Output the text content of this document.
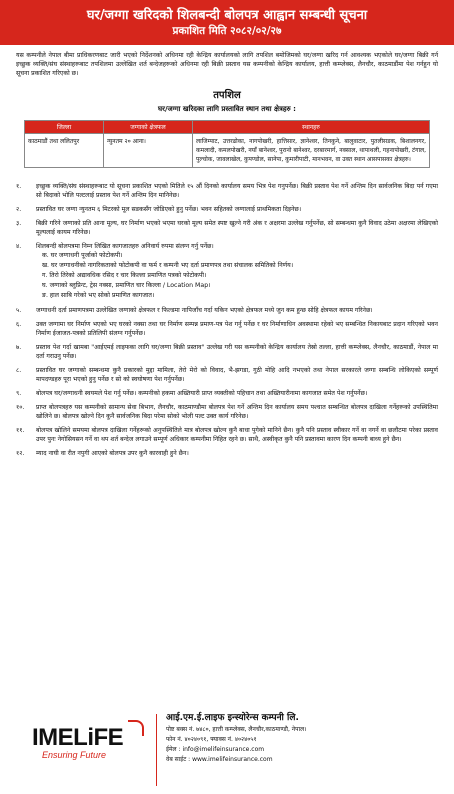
घर/जग्गा खरिदको शिलबन्दी बोलपत्र आह्वान सम्बन्धी सूचना
प्रकाशित मिति २०८२/०२/२७
यस कम्पनीले नेपाल बीमा प्राधिकरणबाट जारी भएको निर्देशनको अधिनमा रही केन्द्रिय कार्यालयको लागि तपशिल बमोजिमको घर/जग्गा खरिद गर्न आवश्यक भएकोले घर/जग्गा बिक्री गर्न इच्छुक व्यक्ति/संघ संस्थाहरूबाट तपशिलमा उल्लेखित शर्त बन्देजहरूको अधिनमा रही बिक्री प्रस्ताव यस कम्पनीको केन्द्रिय कार्यालय, हात्ती कम्प्लेक्स, लैनचौर, काठमाडौंमा पेश गर्नहुन यो सूचना प्रकाशित गरिएको छ।
तपशिल
घर/जग्गा खरिदका लागि प्रस्तावित स्थान तथा क्षेत्रहरु :
जिल्ला	जग्गाको क्षेत्रफल	स्थानहरु
काठमाडौं तथा ललितपुर	न्युनतम २० आना।	लाजिम्पाट, उत्तरढोका, नागपोखरी, हात्तिसार, ज्ञानेश्वर, तिनकुने, बालुवाटार, पुतलीसडक, बिशालनगर, कमलादी, कमलपोखरी, नयाँ बानेश्वर, पुरानो बानेश्वर, दरबारमार्ग, नक्साल, थापाथली, गहनापोखरी, टंगाल, पुल्चोक, जावलाखेल, कुपण्डोल, सानेपा, कुमारीपाटी, मानभवन, वा उक्त स्थान आसपासका क्षेत्रहरु।
१.	इच्छुक व्यक्ति/संघ संस्थाहरूबाट यो सूचना प्रकाशित भएको मितिले १५ औं दिनको कार्यालय समय भित्र पेश गनुपर्नेछ। बिक्री प्रस्ताव पेश गर्ने अन्तिम दिन सार्वजनिक बिदा पर्न गएमा सो बिदाको भोलि पल्टलाई प्रस्ताव पेश गर्ने अन्तिम दिन मानिनेछ।
२.	प्रस्तावित घर जग्गा न्युनतम ६ मिटरको मूल सडकसँग जोडिएको हुनु पर्नेछ। भवन सहितको जग्गालाई प्राथमिकता दिइनेछ।
३.	बिक्री गरिने जग्गाको प्रति आना मूल्य, घर निर्माण भएको भएमा घरको मूल्य समेत स्पष्ट खुल्ने गरी अंक र अक्षरमा उल्लेख गर्नुपर्नेछ, सो सम्बन्धमा कुनै विवाद उठेमा अक्षरमा लेखिएको मूल्यलाई कायम गरिनेछ।
४.	शिलबन्दी बोलपत्रमा निम्न लिखित कागजातहरु अनिवार्य रुपमा संलग्न गर्नु पर्नेछ।
क. घर जग्गाधनी पूर्जाको फोटोकपी।
ख. घर जग्गाधनीको नागरिकताको फोटोकपी वा फर्म र कम्पनी भए दर्ता प्रमाणपत्र तथा संचालक समितिको निर्णय।
ग. तिरो तिरेको अद्यावधिक रसिद र चार किल्ला प्रमाणित पत्रको फोटोकपी।
घ. जग्गाको ब्लुप्रिन्ट, ट्रेस नक्सा, प्रमाणित चार किल्ला / Location Map।
ङ. हाल साबि गरेको भए सोको प्रमाणित कागजात।
५.	जग्गाधनी दर्ता प्रमाणपत्रमा उल्लेखित जग्गाको क्षेत्रफल र फिल्डमा नापिजाँच गर्दा यकिन भएको क्षेत्रफल मध्ये जुन कम हुन्छ सोहि क्षेत्रफल कायम गरिनेछ।
६.	उक्त जग्गामा घर निर्माण भएको भए घरको नक्सा तथा घर निर्माण सम्पन्न प्रमाण-पत्र पेश गर्नु पर्नेछ र घर निर्माणाधिन अवस्थामा रहेको भए सम्बन्धित निकायबाट प्रदान गरिएको भवन निर्माण ईजाजत-पत्रको प्रतिलिपी संलग्न गर्नुपर्नेछ।
७.	प्रस्ताव पेश गर्दा खामबा "आईएमई लाइफका लागि घर/जग्गा बिक्री प्रस्ताव" उल्लेख गरी यस कम्पनीको केन्द्रिय कार्यालय तेस्रो तल्ला, हात्ती कम्प्लेक्स, लैनचौर, काठमाडौं, नेपाल मा दर्ता गराउनु पर्नेछ।
८.	प्रस्तावित घर जग्गाको सम्बन्धमा कुनै प्रकारको मुद्दा मामिला, तेरो मेरो को विवाद, भै-झगडा, गुठी मोहि आदि नभएको तथा नेपाल सरकारले जग्गा सम्बन्धि लोकिएको सम्पूर्ण मापदण्डहरु पूरा भएको हुनु पर्नेछ र सो को स्वघोषणा पेश गर्नुपर्नेछ।
९.	बोलपत्र घर/जग्गाधनी स्वयमले पेश गर्नु पर्नेछ। कम्पनीको हकमा अख्तियारी प्राप्त व्यक्तीको पहिचान तथा अख्तियारीनामा कागजात समेत पेश गर्नुपर्नेछ।
१०.	प्राप्त बोलपत्रहरु यस कम्पनीको सामान्य सेवा बिभाग, लैनचौर, काठमाण्डौमा बोलपत्र पेश गर्ने अन्तिम दिन कार्यालय समय पश्चात सम्बन्धित बोलपत्र दाखिला गर्नेहरूको उपस्थितिमा खोलिने छ। बोलपत्र खोल्ने दिन कुनै सार्वजनिक बिदा परेमा सोको भोली पल्ट उक्त कार्य गरिनेछ।
११.	बोलपत्र खोलिने समयमा बोलपत्र दाखिला गर्नेहरूको अनुपस्थितिले मात्र बोलपत्र खोल्न कुनै बाधा पुगेको मानिने छैन। कुनै पनि प्रस्ताव स्वीकार गर्ने वा नगर्ने वा छलौटमा परेका प्रस्ताव उपर पुनः नेगोसियसन गर्ने वा थप शर्त बन्देज लगाउने सम्पूर्ण अधिकार कम्पनीमा निहित रहने छ। साथै, अस्वीकृत कुनै पनि प्रस्तावमा कारण दिन कम्पनी बाध्य हुने छैन।
१२.	म्याद नाघी वा रीत नपुगी आएको बोलपत्र उपर कुनै कारवाही हुने छैन।
IMELiFE
Ensuring Future
आई.एम.ई.लाइफ इन्स्योरेन्स कम्पनी लि.
पोष्ट बक्स नं. ७४८०, हात्ती कम्प्लेक्स, लैनचौर,काठमाण्डौ, नेपाल।
फोन नं. ४०२४०९१, फ्याक्स नं. ४०२४०५१
ईमेल : info@imelifeinsurance.com
वेब साईट : www.imelifeinsurance.com
